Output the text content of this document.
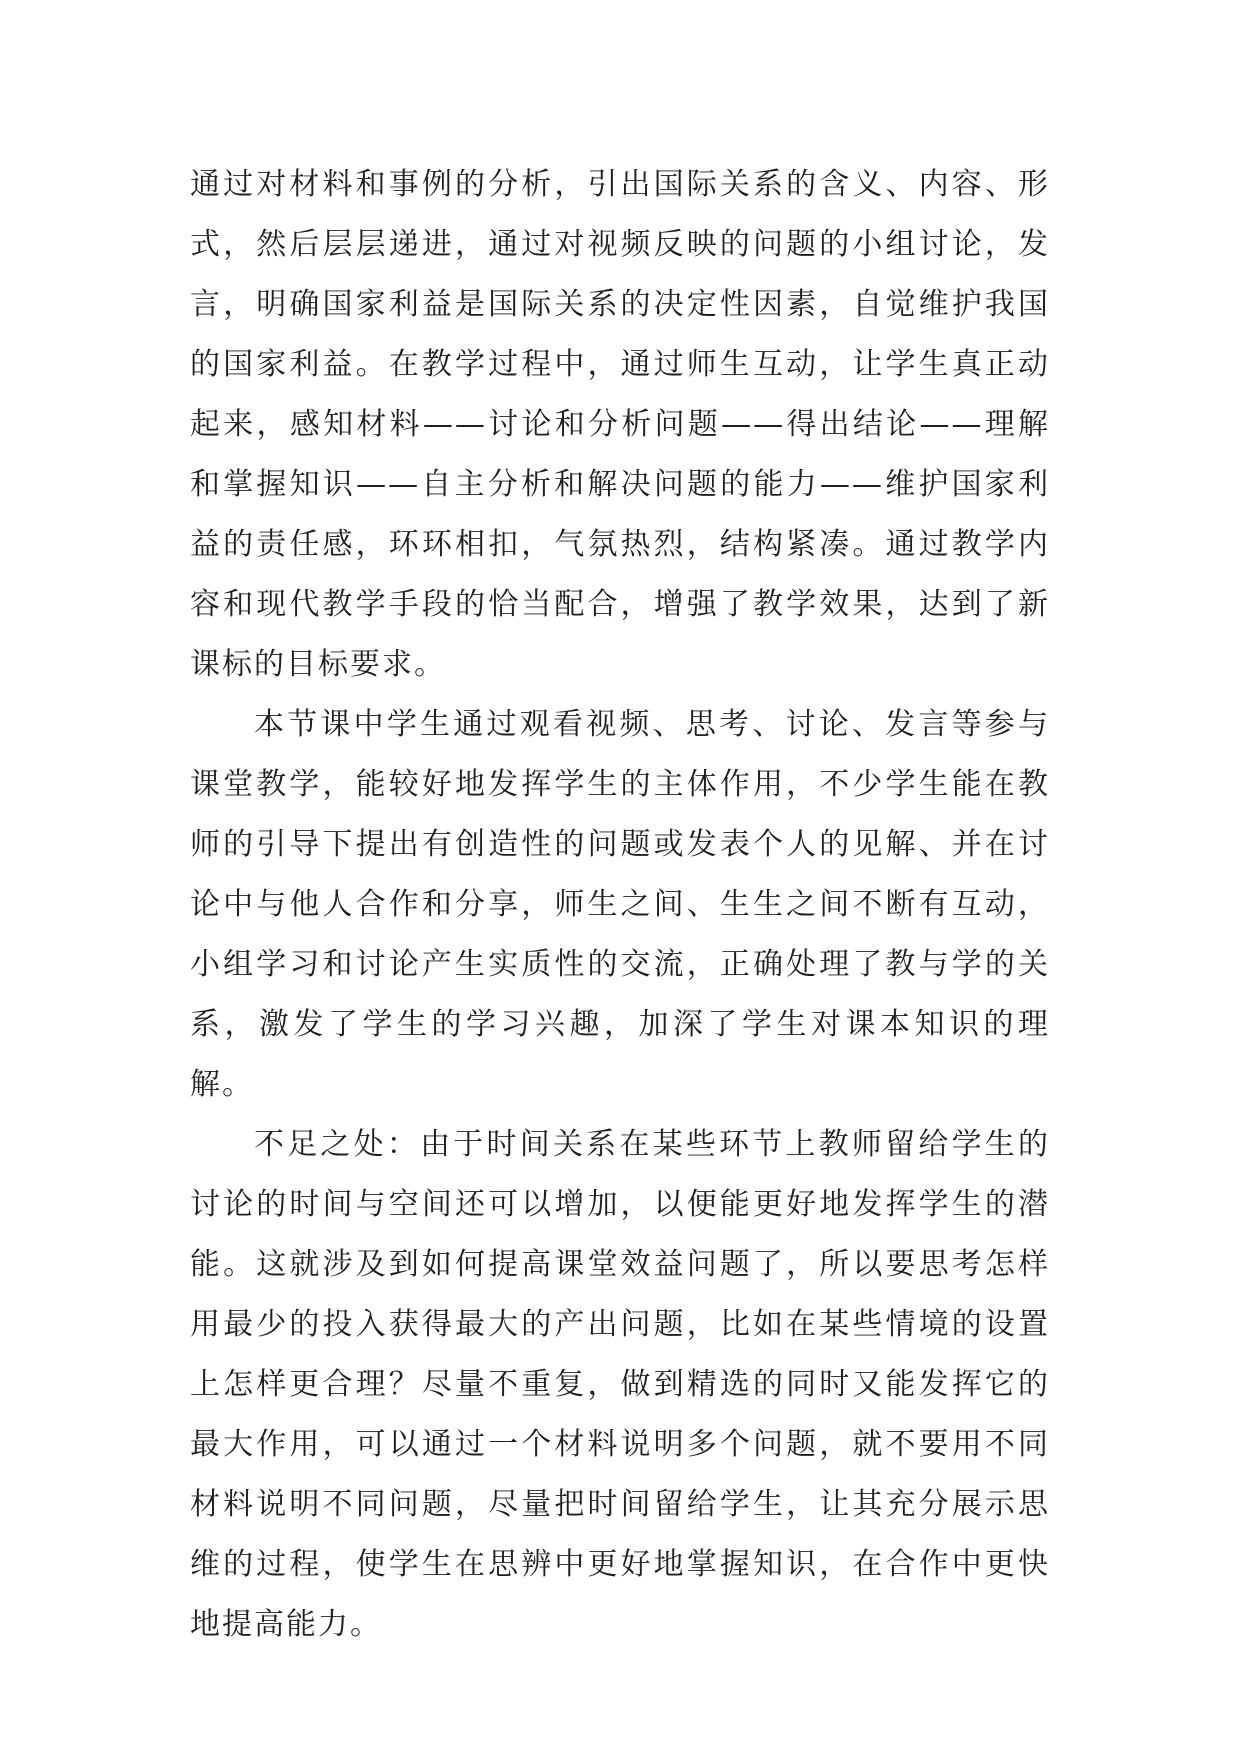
通过对材料和事例的分析，引出国际关系的含义、内容、形式，然后层层递进，通过对视频反映的问题的小组讨论，发言，明确国家利益是国际关系的决定性因素，自觉维护我国的国家利益。在教学过程中，通过师生互动，让学生真正动起来，感知材料——讨论和分析问题——得出结论——理解和掌握知识——自主分析和解决问题的能力——维护国家利益的责任感，环环相扣，气氛热烈，结构紧凑。通过教学内容和现代教学手段的恰当配合，增强了教学效果，达到了新课标的目标要求。

本节课中学生通过观看视频、思考、讨论、发言等参与课堂教学，能较好地发挥学生的主体作用，不少学生能在教师的引导下提出有创造性的问题或发表个人的见解、并在讨论中与他人合作和分享，师生之间、生生之间不断有互动，小组学习和讨论产生实质性的交流，正确处理了教与学的关系，激发了学生的学习兴趣，加深了学生对课本知识的理解。

不足之处：由于时间关系在某些环节上教师留给学生的讨论的时间与空间还可以增加，以便能更好地发挥学生的潜能。这就涉及到如何提高课堂效益问题了，所以要思考怎样用最少的投入获得最大的产出问题，比如在某些情境的设置上怎样更合理？尽量不重复，做到精选的同时又能发挥它的最大作用，可以通过一个材料说明多个问题，就不要用不同材料说明不同问题，尽量把时间留给学生，让其充分展示思维的过程，使学生在思辨中更好地掌握知识，在合作中更快地提高能力。
